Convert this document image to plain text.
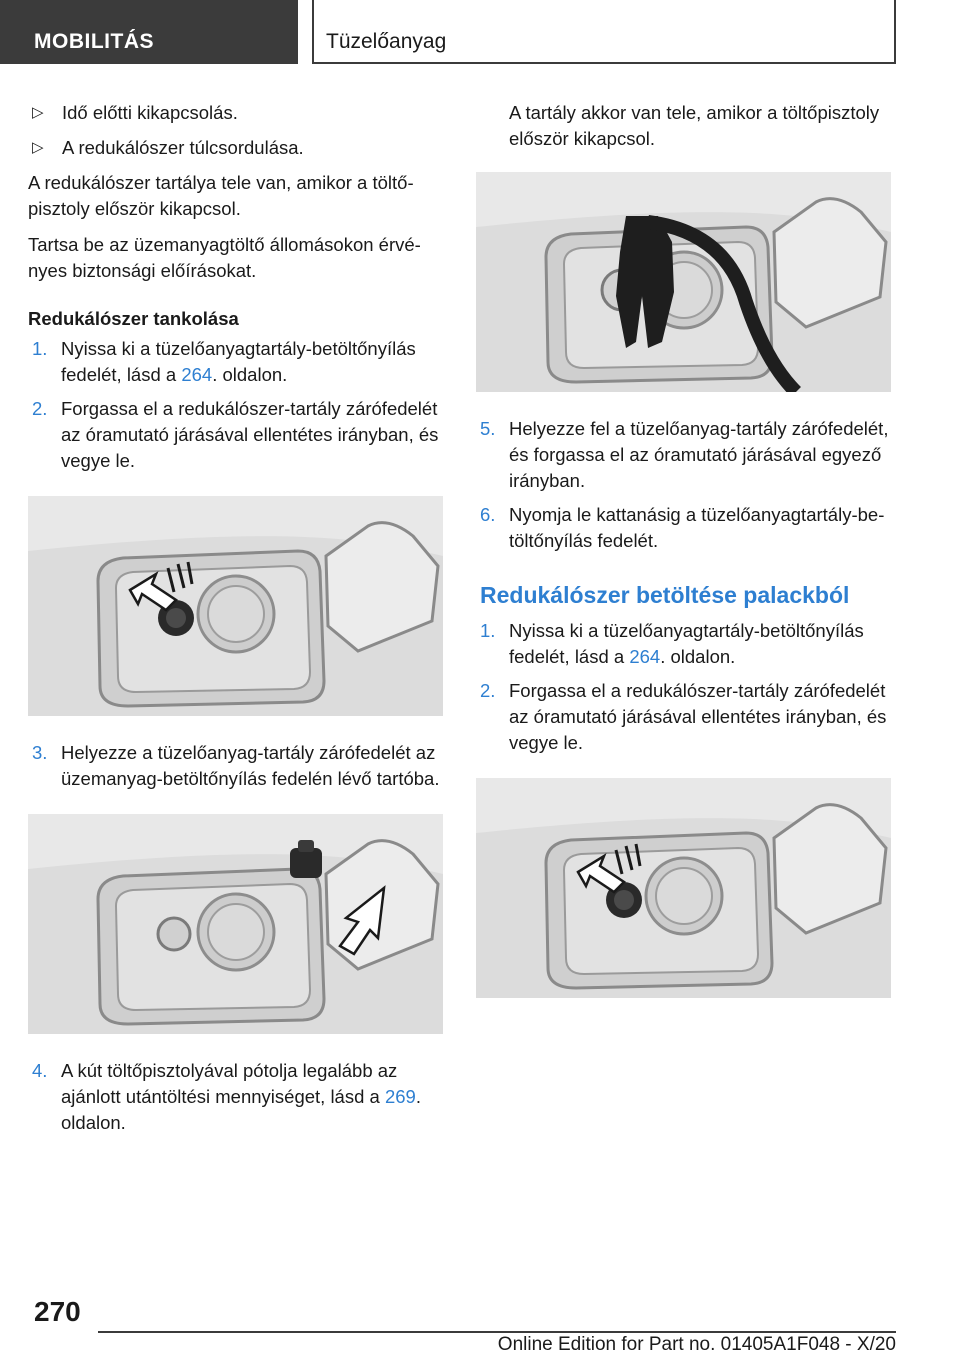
MOBILITÁS	Tüzelőanyag

▷ Idő előtti kikapcsolás.

▷ A redukálószer túlcsordulása.

A redukálószer tartálya tele van, amikor a töltőpisztoly először kikapcsol.

Tartsa be az üzemanyagtöltő állomásokon érvényes biztonsági előírásokat.

Redukálószer tankolása

1. Nyissa ki a tüzelőanyagtartály-betöltőnyílás fedelét, lásd a 264. oldalon.

2. Forgassa el a redukálószer-tartály zárófedelét az óramutató járásával ellentétes irányban, és vegye le.

3. Helyezze a tüzelőanyag-tartály zárófedelét az üzemanyag-betöltőnyílás fedelén lévő tartóba.

4. A kút töltőpisztolyával pótolja legalább az ajánlott utántöltési mennyiséget, lásd a 269. oldalon.

A tartály akkor van tele, amikor a töltőpisztoly először kikapcsol.

5. Helyezze fel a tüzelőanyag-tartály zárófedelét, és forgassa el az óramutató járásával egyező irányban.

6. Nyomja le kattanásig a tüzelőanyagtartály-betöltőnyílás fedelét.

Redukálószer betöltése palackból

1. Nyissa ki a tüzelőanyagtartály-betöltőnyílás fedelét, lásd a 264. oldalon.

2. Forgassa el a redukálószer-tartály zárófedelét az óramutató járásával ellentétes irányban, és vegye le.

270
Online Edition for Part no. 01405A1F048 - X/20
